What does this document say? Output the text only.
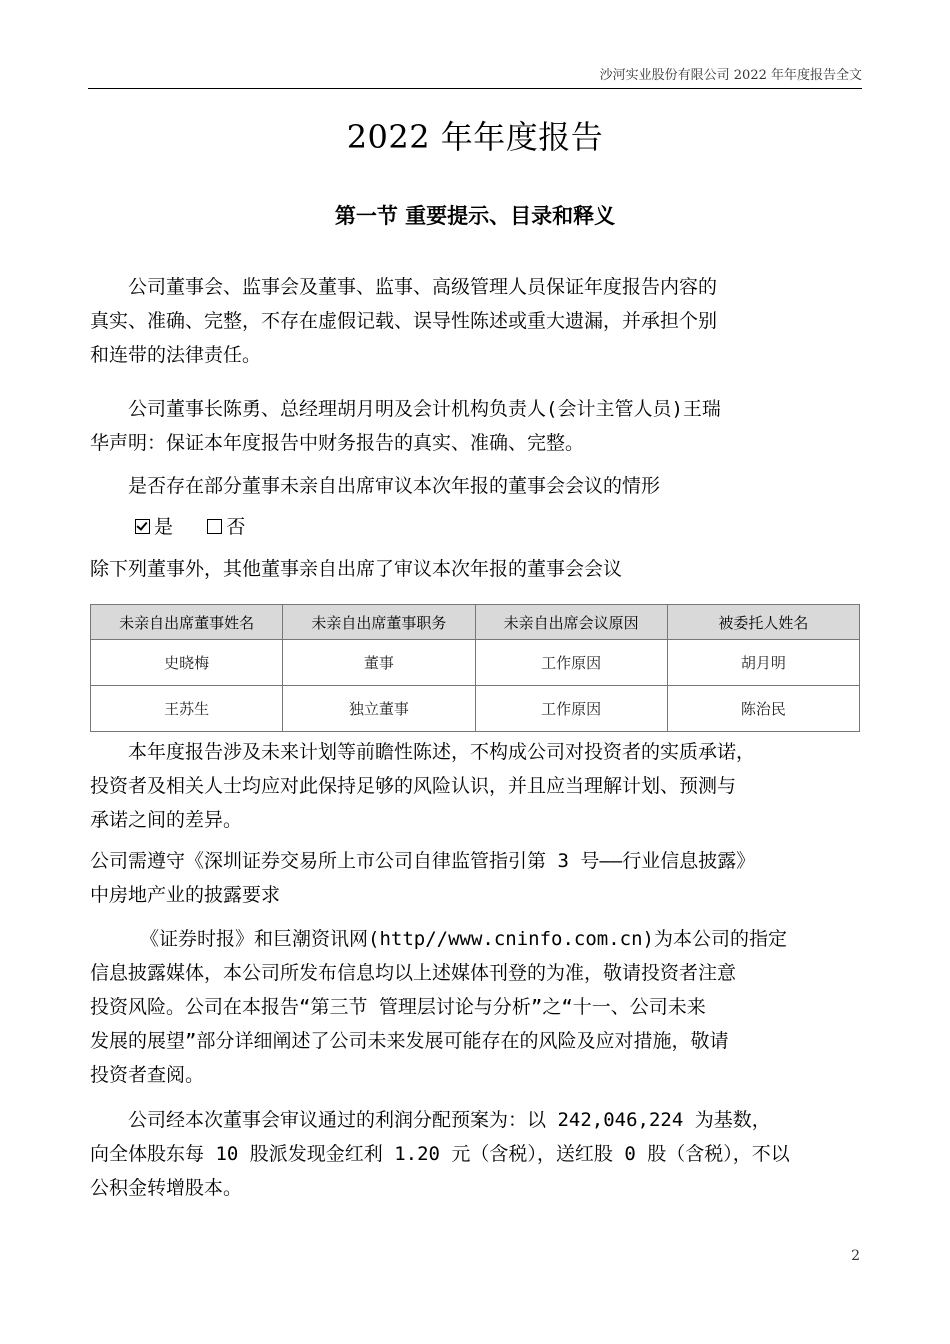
沙河实业股份有限公司 2022 年年度报告全文
2022 年年度报告
第一节 重要提示、目录和释义
公司董事会、监事会及董事、监事、高级管理人员保证年度报告内容的
真实、准确、完整，不存在虚假记载、误导性陈述或重大遗漏，并承担个别
和连带的法律责任。
公司董事长陈勇、总经理胡月明及会计机构负责人(会计主管人员)王瑞
华声明：保证本年度报告中财务报告的真实、准确、完整。
是否存在部分董事未亲自出席审议本次年报的董事会会议的情形
是	否
除下列董事外，其他董事亲自出席了审议本次年报的董事会会议
未亲自出席董事姓名	未亲自出席董事职务	未亲自出席会议原因	被委托人姓名
史晓梅	董事	工作原因	胡月明
王苏生	独立董事	工作原因	陈治民
本年度报告涉及未来计划等前瞻性陈述，不构成公司对投资者的实质承诺，
投资者及相关人士均应对此保持足够的风险认识，并且应当理解计划、预测与
承诺之间的差异。
公司需遵守《深圳证券交易所上市公司自律监管指引第 3 号——行业信息披露》
中房地产业的披露要求
《证券时报》和巨潮资讯网(http//www.cninfo.com.cn)为本公司的指定
信息披露媒体，本公司所发布信息均以上述媒体刊登的为准，敬请投资者注意
投资风险。公司在本报告“第三节 管理层讨论与分析”之“十一、公司未来
发展的展望”部分详细阐述了公司未来发展可能存在的风险及应对措施，敬请
投资者查阅。
公司经本次董事会审议通过的利润分配预案为：以 242,046,224 为基数，
向全体股东每 10 股派发现金红利 1.20 元（含税），送红股 0 股（含税），不以
公积金转增股本。
2
